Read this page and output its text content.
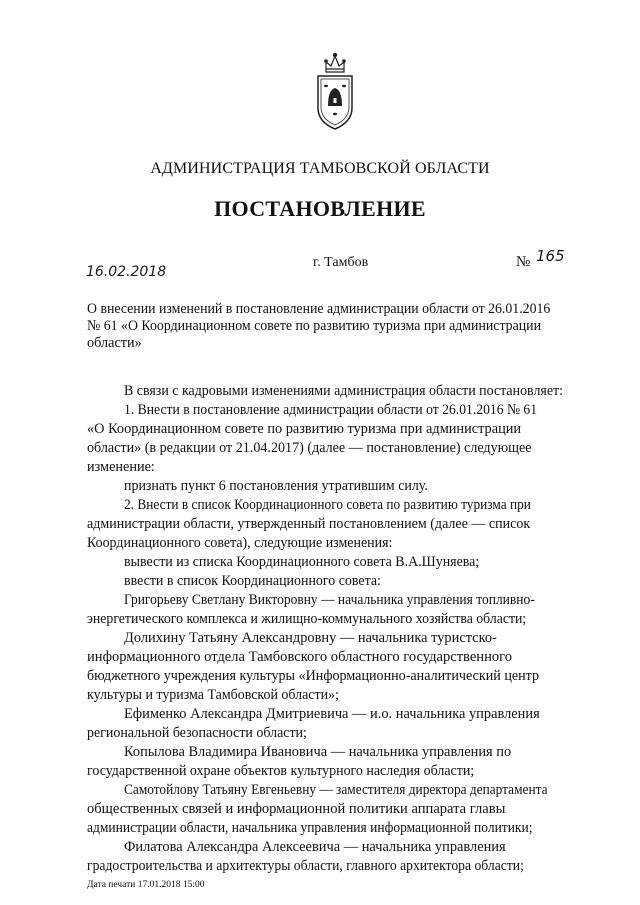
АДМИНИСТРАЦИЯ ТАМБОВСКОЙ ОБЛАСТИ
ПОСТАНОВЛЕНИЕ
г. Тамбов	№ 165
16.02.2018
О внесении изменений в постановление администрации области от 26.01.2016
№ 61 «О Координационном совете по развитию туризма при администрации
области»
В связи с кадровыми изменениями администрация области постановляет:
1. Внести в постановление администрации области от 26.01.2016 № 61
«О Координационном совете по развитию туризма при администрации
области» (в редакции от 21.04.2017) (далее — постановление) следующее
изменение:
признать пункт 6 постановления утратившим силу.
2. Внести в список Координационного совета по развитию туризма при
администрации области, утвержденный постановлением (далее — список
Координационного совета), следующие изменения:
вывести из списка Координационного совета В.А.Шуняева;
ввести в список Координационного совета:
Григорьеву Светлану Викторовну — начальника управления топливно-
энергетического комплекса и жилищно-коммунального хозяйства области;
Долихину Татьяну Александровну — начальника туристско-
информационного отдела Тамбовского областного государственного
бюджетного учреждения культуры «Информационно-аналитический центр
культуры и туризма Тамбовской области»;
Ефименко Александра Дмитриевича — и.о. начальника управления
региональной безопасности области;
Копылова Владимира Ивановича — начальника управления по
государственной охране объектов культурного наследия области;
Самотойлову Татьяну Евгеньевну — заместителя директора департамента
общественных связей и информационной политики аппарата главы
администрации области, начальника управления информационной политики;
Филатова Александра Алексеевича — начальника управления
градостроительства и архитектуры области, главного архитектора области;
Дата печати 17.01.2018 15:00
